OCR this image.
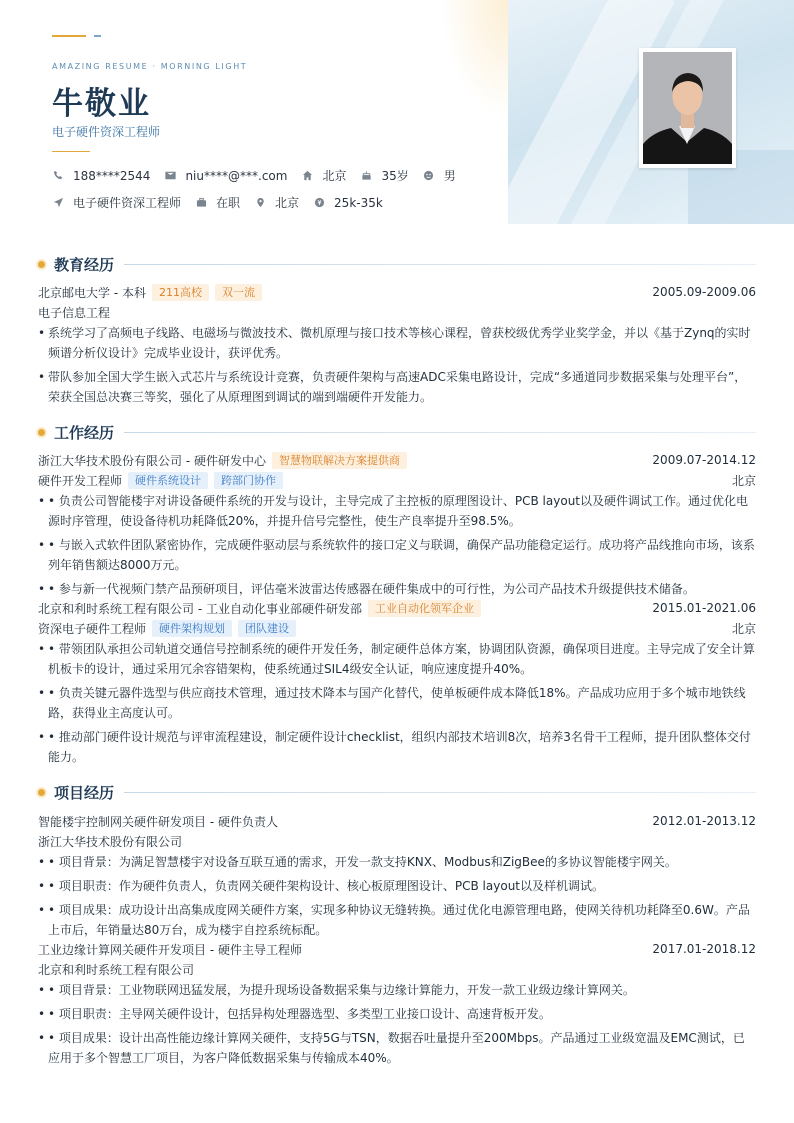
AMAZING RESUME · MORNING LIGHT
牛敬业
电子硬件资深工程师
188****2544	niu****@***.com	北京	35岁	男
电子硬件资深工程师	在职	北京	25k-35k
教育经历
北京邮电大学 - 本科	211高校	双一流	2005.09-2009.06
电子信息工程
• 系统学习了高频电子线路、电磁场与微波技术、微机原理与接口技术等核心课程，曾获校级优秀学业奖学金，并以《基于Zynq的实时频谱分析仪设计》完成毕业设计，获评优秀。
• 带队参加全国大学生嵌入式芯片与系统设计竞赛，负责硬件架构与高速ADC采集电路设计，完成“多通道同步数据采集与处理平台”，荣获全国总决赛三等奖，强化了从原理图到调试的端到端硬件开发能力。
工作经历
浙江大华技术股份有限公司 - 硬件研发中心	智慧物联解决方案提供商	2009.07-2014.12
硬件开发工程师	硬件系统设计	跨部门协作	北京
• • 负责公司智能楼宇对讲设备硬件系统的开发与设计，主导完成了主控板的原理图设计、PCB layout以及硬件调试工作。通过优化电源时序管理，使设备待机功耗降低20%，并提升信号完整性，使生产良率提升至98.5%。
• • 与嵌入式软件团队紧密协作，完成硬件驱动层与系统软件的接口定义与联调，确保产品功能稳定运行。成功将产品线推向市场，该系列年销售额达8000万元。
• • 参与新一代视频门禁产品预研项目，评估毫米波雷达传感器在硬件集成中的可行性，为公司产品技术升级提供技术储备。
北京和利时系统工程有限公司 - 工业自动化事业部硬件研发部	工业自动化领军企业	2015.01-2021.06
资深电子硬件工程师	硬件架构规划	团队建设	北京
• • 带领团队承担公司轨道交通信号控制系统的硬件开发任务，制定硬件总体方案，协调团队资源，确保项目进度。主导完成了安全计算机板卡的设计，通过采用冗余容错架构，使系统通过SIL4级安全认证，响应速度提升40%。
• • 负责关键元器件选型与供应商技术管理，通过技术降本与国产化替代，使单板硬件成本降低18%。产品成功应用于多个城市地铁线路，获得业主高度认可。
• • 推动部门硬件设计规范与评审流程建设，制定硬件设计checklist，组织内部技术培训8次，培养3名骨干工程师，提升团队整体交付能力。
项目经历
智能楼宇控制网关硬件研发项目 - 硬件负责人	2012.01-2013.12
浙江大华技术股份有限公司
• • 项目背景：为满足智慧楼宇对设备互联互通的需求，开发一款支持KNX、Modbus和ZigBee的多协议智能楼宇网关。
• • 项目职责：作为硬件负责人，负责网关硬件架构设计、核心板原理图设计、PCB layout以及样机调试。
• • 项目成果：成功设计出高集成度网关硬件方案，实现多种协议无缝转换。通过优化电源管理电路，使网关待机功耗降至0.6W。产品上市后，年销量达80万台，成为楼宇自控系统标配。
工业边缘计算网关硬件开发项目 - 硬件主导工程师	2017.01-2018.12
北京和利时系统工程有限公司
• • 项目背景：工业物联网迅猛发展，为提升现场设备数据采集与边缘计算能力，开发一款工业级边缘计算网关。
• • 项目职责：主导网关硬件设计，包括异构处理器选型、多类型工业接口设计、高速背板开发。
• • 项目成果：设计出高性能边缘计算网关硬件，支持5G与TSN，数据吞吐量提升至200Mbps。产品通过工业级宽温及EMC测试，已应用于多个智慧工厂项目，为客户降低数据采集与传输成本40%。
